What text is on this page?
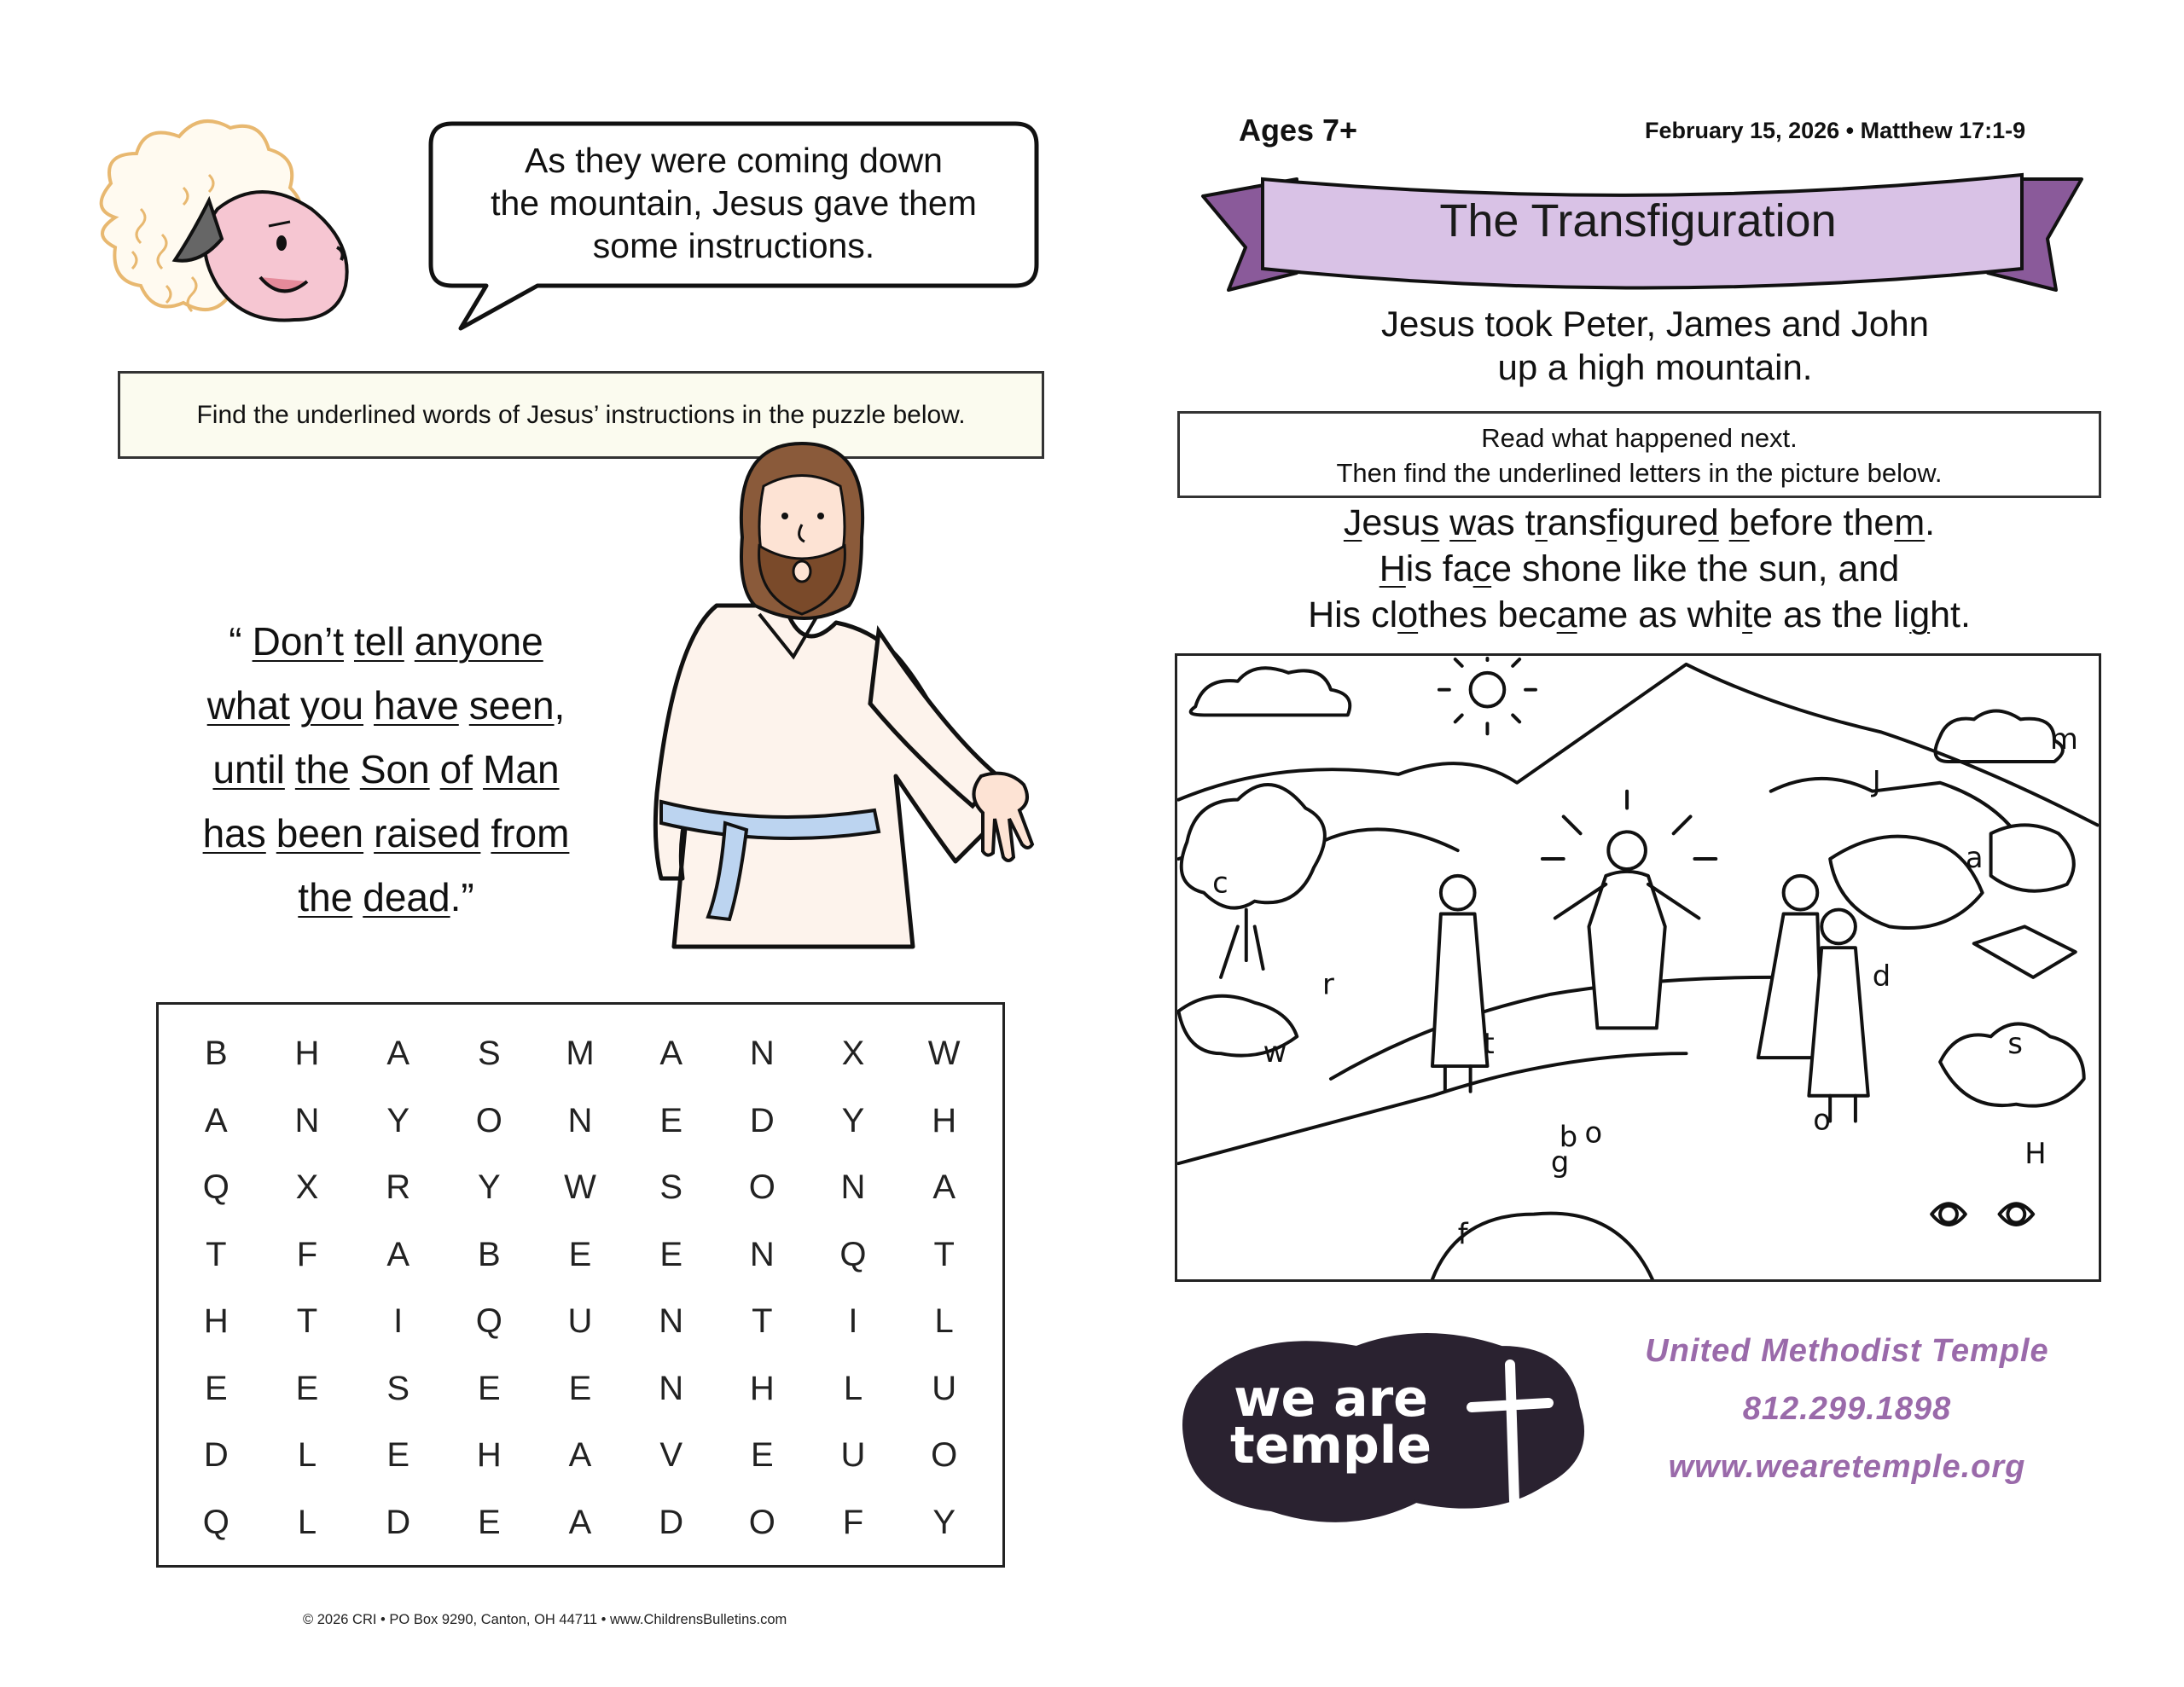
As they were coming down
the mountain, Jesus gave them
some instructions.
Find the underlined words of Jesus’ instructions in the puzzle below.
“ Don’t tell anyone
what you have seen,
until the Son of Man
has been raised from
the dead.”
B	H	A	S	M	A	N	X	W
A	N	Y	O	N	E	D	Y	H
Q	X	R	Y	W	S	O	N	A
T	F	A	B	E	E	N	Q	T
H	T	I	Q	U	N	T	I	L
E	E	S	E	E	N	H	L	U
D	L	E	H	A	V	E	U	O
Q	L	D	E	A	D	O	F	Y
© 2026 CRI • PO Box 9290, Canton, OH 44711 • www.ChildrensBulletins.com
Ages 7+	February 15, 2026 • Matthew 17:1-9
The Transfiguration
Jesus took Peter, James and John
up a high mountain.
Read what happened next.
Then find the underlined letters in the picture below.
Jesus was transfigured before them.
His face shone like the sun, and
His clothes became as white as the light.
m
J
a
c
d
w	s
b o
f
r
t
g	H
o
we are
temple
United Methodist Temple
812.299.1898
www.wearetemple.org
